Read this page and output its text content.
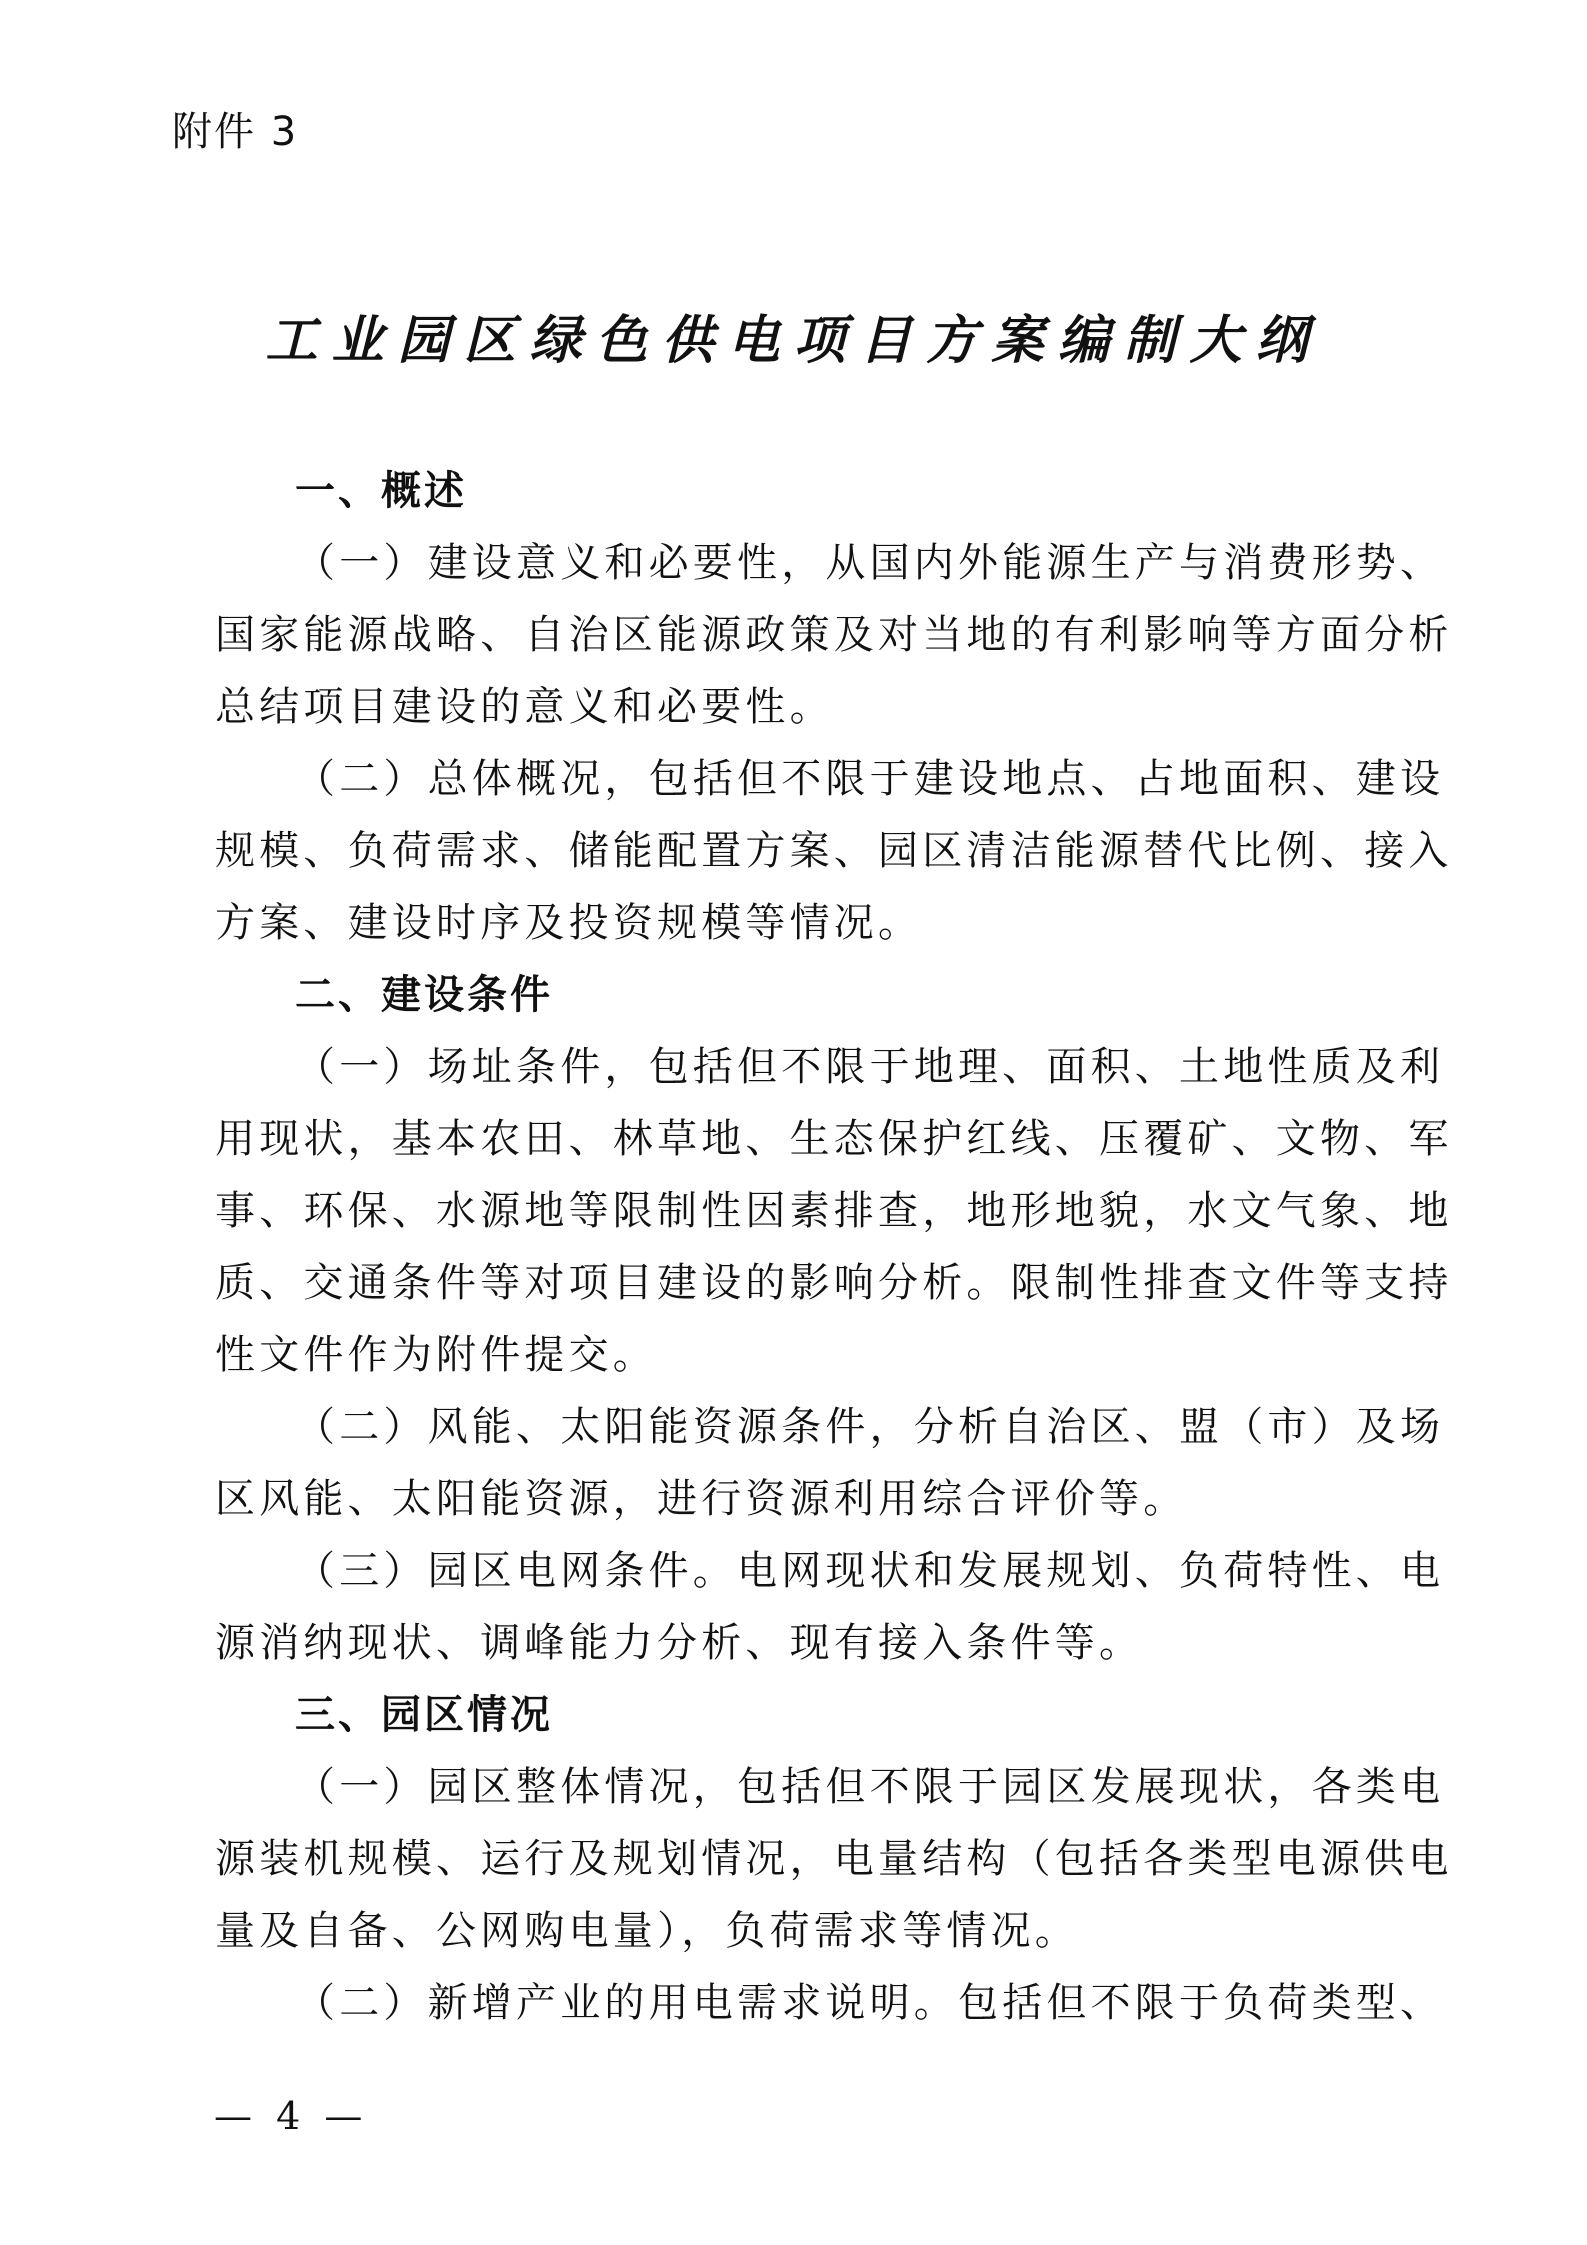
附件 3
工业园区绿色供电项目方案编制大纲
一、概述
（一）建设意义和必要性，从国内外能源生产与消费形势、
国家能源战略、自治区能源政策及对当地的有利影响等方面分析
总结项目建设的意义和必要性。
（二）总体概况，包括但不限于建设地点、占地面积、建设
规模、负荷需求、储能配置方案、园区清洁能源替代比例、接入
方案、建设时序及投资规模等情况。
二、建设条件
（一）场址条件，包括但不限于地理、面积、土地性质及利
用现状，基本农田、林草地、生态保护红线、压覆矿、文物、军
事、环保、水源地等限制性因素排查，地形地貌，水文气象、地
质、交通条件等对项目建设的影响分析。限制性排查文件等支持
性文件作为附件提交。
（二）风能、太阳能资源条件，分析自治区、盟（市）及场
区风能、太阳能资源，进行资源利用综合评价等。
（三）园区电网条件。电网现状和发展规划、负荷特性、电
源消纳现状、调峰能力分析、现有接入条件等。
三、园区情况
（一）园区整体情况，包括但不限于园区发展现状，各类电
源装机规模、运行及规划情况，电量结构（包括各类型电源供电
量及自备、公网购电量），负荷需求等情况。
（二）新增产业的用电需求说明。包括但不限于负荷类型、
— 4 —
